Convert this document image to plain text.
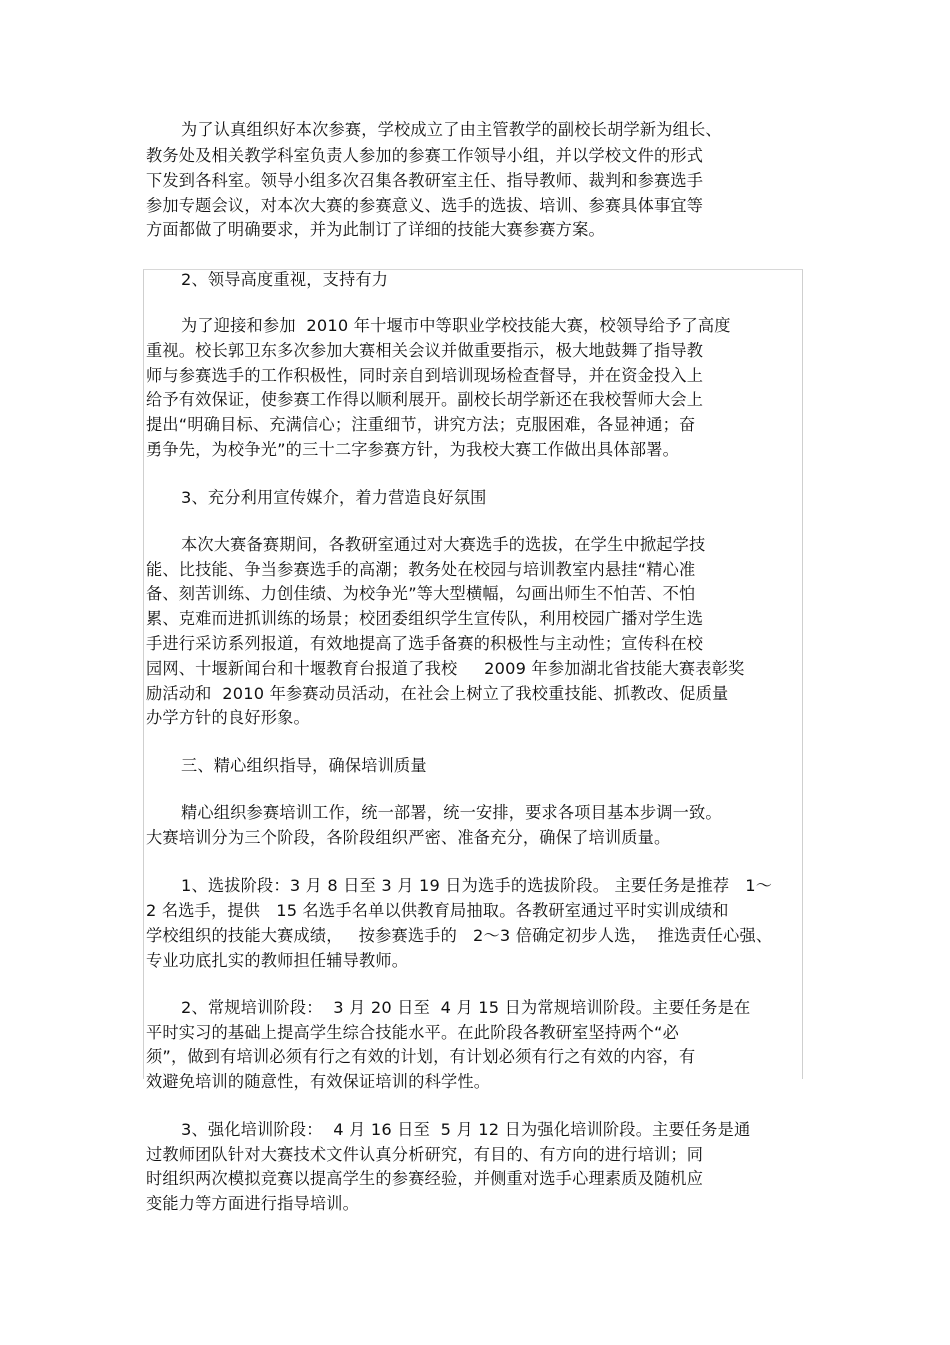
为了认真组织好本次参赛，学校成立了由主管教学的副校长胡学新为组长、
教务处及相关教学科室负责人参加的参赛工作领导小组，并以学校文件的形式
下发到各科室。领导小组多次召集各教研室主任、指导教师、裁判和参赛选手
参加专题会议，对本次大赛的参赛意义、选手的选拔、培训、参赛具体事宜等
方面都做了明确要求，并为此制订了详细的技能大赛参赛方案。
2、领导高度重视，支持有力
为了迎接和参加  2010 年十堰市中等职业学校技能大赛，校领导给予了高度
重视。校长郭卫东多次参加大赛相关会议并做重要指示，极大地鼓舞了指导教
师与参赛选手的工作积极性，同时亲自到培训现场检查督导，并在资金投入上
给予有效保证，使参赛工作得以顺利展开。副校长胡学新还在我校誓师大会上
提出“明确目标、充满信心；注重细节，讲究方法；克服困难，各显神通；奋
勇争先，为校争光”的三十二字参赛方针，为我校大赛工作做出具体部署。
3、充分利用宣传媒介，着力营造良好氛围
本次大赛备赛期间，各教研室通过对大赛选手的选拔，在学生中掀起学技
能、比技能、争当参赛选手的高潮；教务处在校园与培训教室内悬挂“精心准
备、刻苦训练、力创佳绩、为校争光”等大型横幅，勾画出师生不怕苦、不怕
累、克难而进抓训练的场景；校团委组织学生宣传队，利用校园广播对学生选
手进行采访系列报道，有效地提高了选手备赛的积极性与主动性；宣传科在校
园网、十堰新闻台和十堰教育台报道了我校     2009 年参加湖北省技能大赛表彰奖
励活动和  2010 年参赛动员活动，在社会上树立了我校重技能、抓教改、促质量
办学方针的良好形象。
三、精心组织指导，确保培训质量
精心组织参赛培训工作，统一部署，统一安排，要求各项目基本步调一致。
大赛培训分为三个阶段，各阶段组织严密、准备充分，确保了培训质量。
1、选拔阶段：3 月 8 日至 3 月 19 日为选手的选拔阶段。 主要任务是推荐   1～
2 名选手，提供   15 名选手名单以供教育局抽取。各教研室通过平时实训成绩和
学校组织的技能大赛成绩，   按参赛选手的   2～3 倍确定初步人选，  推选责任心强、
专业功底扎实的教师担任辅导教师。
2、常规培训阶段：  3 月 20 日至  4 月 15 日为常规培训阶段。主要任务是在
平时实习的基础上提高学生综合技能水平。在此阶段各教研室坚持两个“必
须”，做到有培训必须有行之有效的计划，有计划必须有行之有效的内容，有
效避免培训的随意性，有效保证培训的科学性。
3、强化培训阶段：  4 月 16 日至  5 月 12 日为强化培训阶段。主要任务是通
过教师团队针对大赛技术文件认真分析研究，有目的、有方向的进行培训；同
时组织两次模拟竞赛以提高学生的参赛经验，并侧重对选手心理素质及随机应
变能力等方面进行指导培训。
